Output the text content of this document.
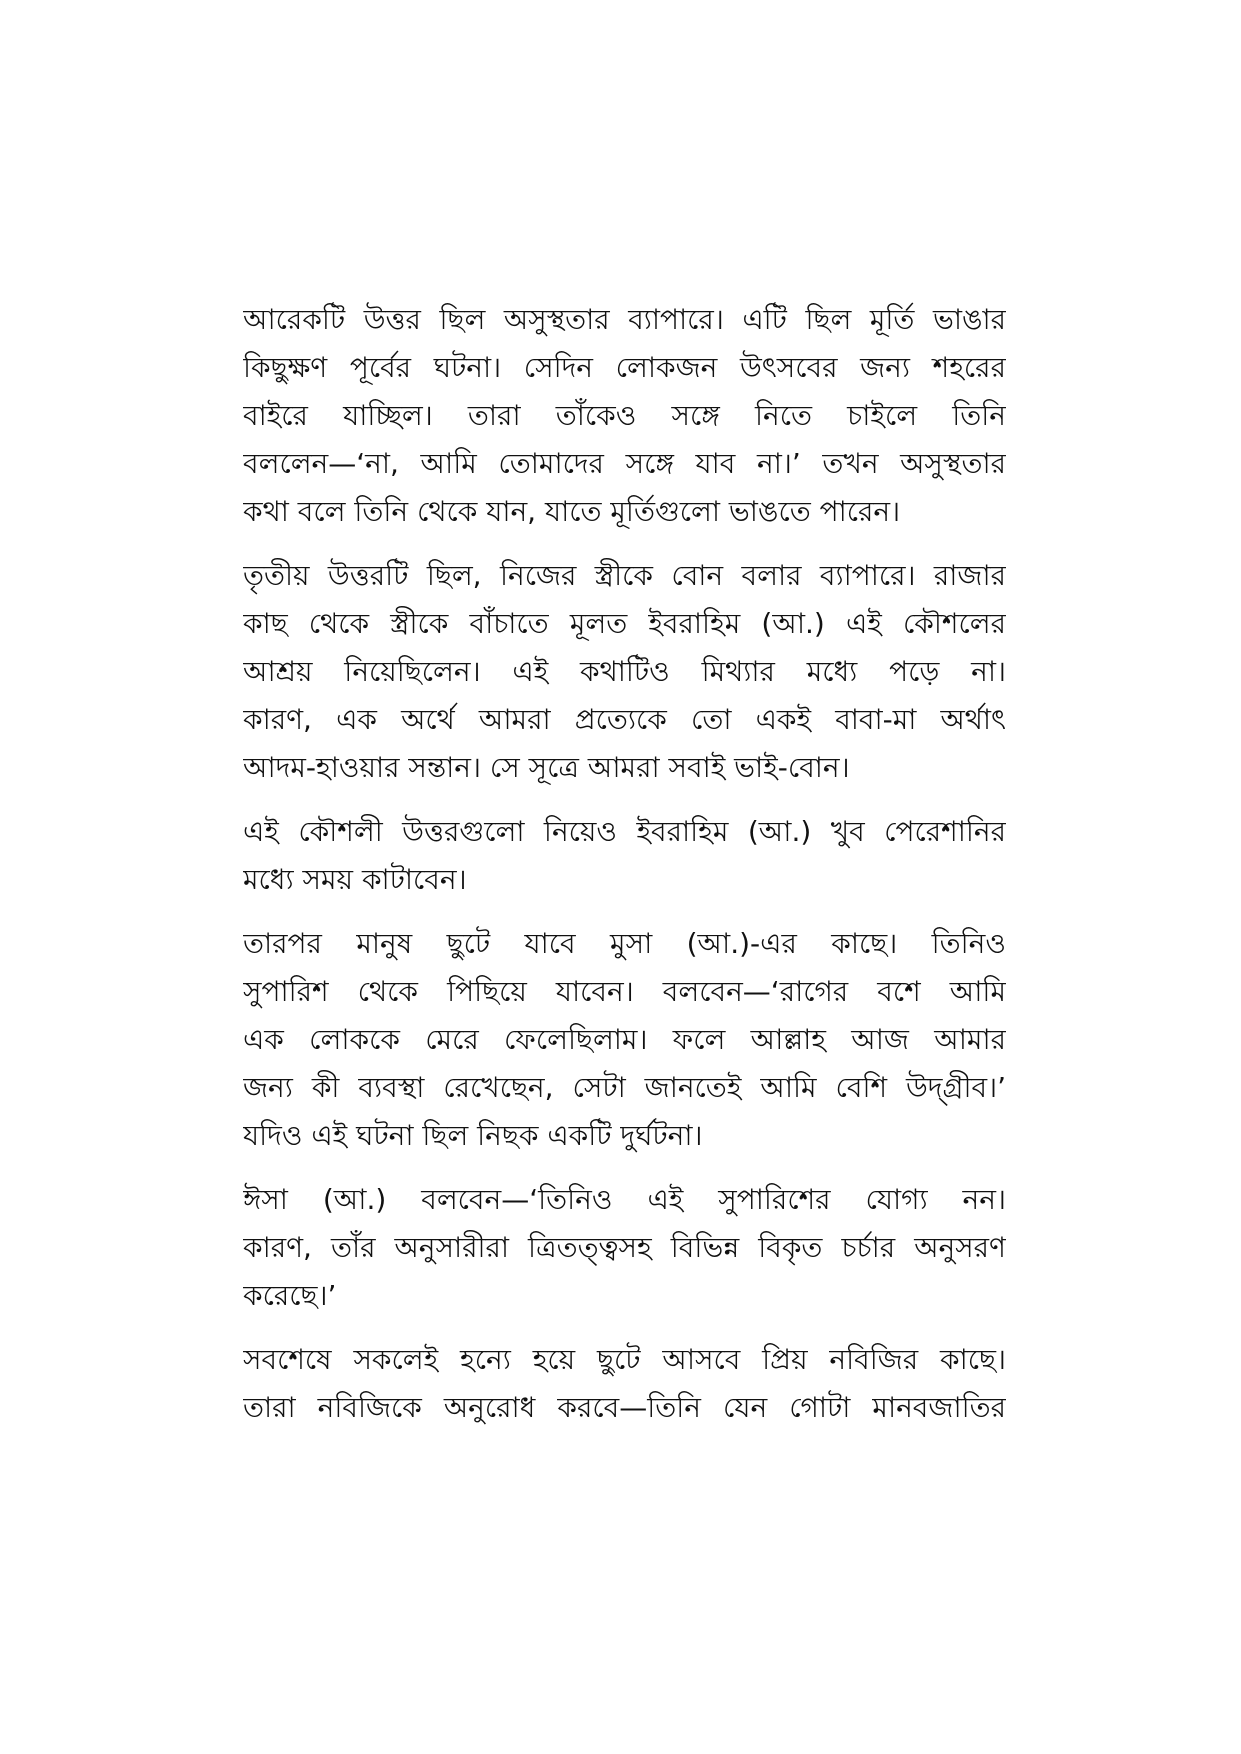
আরেকটি উত্তর ছিল অসুস্থতার ব্যাপারে। এটি ছিল মূর্তি ভাঙার
কিছুক্ষণ পূর্বের ঘটনা। সেদিন লোকজন উৎসবের জন্য শহরের
বাইরে যাচ্ছিল। তারা তাঁকেও সঙ্গে নিতে চাইলে তিনি
বললেন—‘না, আমি তোমাদের সঙ্গে যাব না।’ তখন অসুস্থতার
কথা বলে তিনি থেকে যান, যাতে মূর্তিগুলো ভাঙতে পারেন।
তৃতীয় উত্তরটি ছিল, নিজের স্ত্রীকে বোন বলার ব্যাপারে। রাজার
কাছ থেকে স্ত্রীকে বাঁচাতে মূলত ইবরাহিম (আ.) এই কৌশলের
আশ্রয় নিয়েছিলেন। এই কথাটিও মিথ্যার মধ্যে পড়ে না।
কারণ, এক অর্থে আমরা প্রত্যেকে তো একই বাবা-মা অর্থাৎ
আদম-হাওয়ার সন্তান। সে সূত্রে আমরা সবাই ভাই-বোন।
এই কৌশলী উত্তরগুলো নিয়েও ইবরাহিম (আ.) খুব পেরেশানির
মধ্যে সময় কাটাবেন।
তারপর মানুষ ছুটে যাবে মুসা (আ.)-এর কাছে। তিনিও
সুপারিশ থেকে পিছিয়ে যাবেন। বলবেন—‘রাগের বশে আমি
এক লোককে মেরে ফেলেছিলাম। ফলে আল্লাহ আজ আমার
জন্য কী ব্যবস্থা রেখেছেন, সেটা জানতেই আমি বেশি উদ্‌গ্রীব।’
যদিও এই ঘটনা ছিল নিছক একটি দুর্ঘটনা।
ঈসা (আ.) বলবেন—‘তিনিও এই সুপারিশের যোগ্য নন।
কারণ, তাঁর অনুসারীরা ত্রিতত্ত্বসহ বিভিন্ন বিকৃত চর্চার অনুসরণ
করেছে।’
সবশেষে সকলেই হন্যে হয়ে ছুটে আসবে প্রিয় নবিজির কাছে।
তারা নবিজিকে অনুরোধ করবে—তিনি যেন গোটা মানবজাতির
